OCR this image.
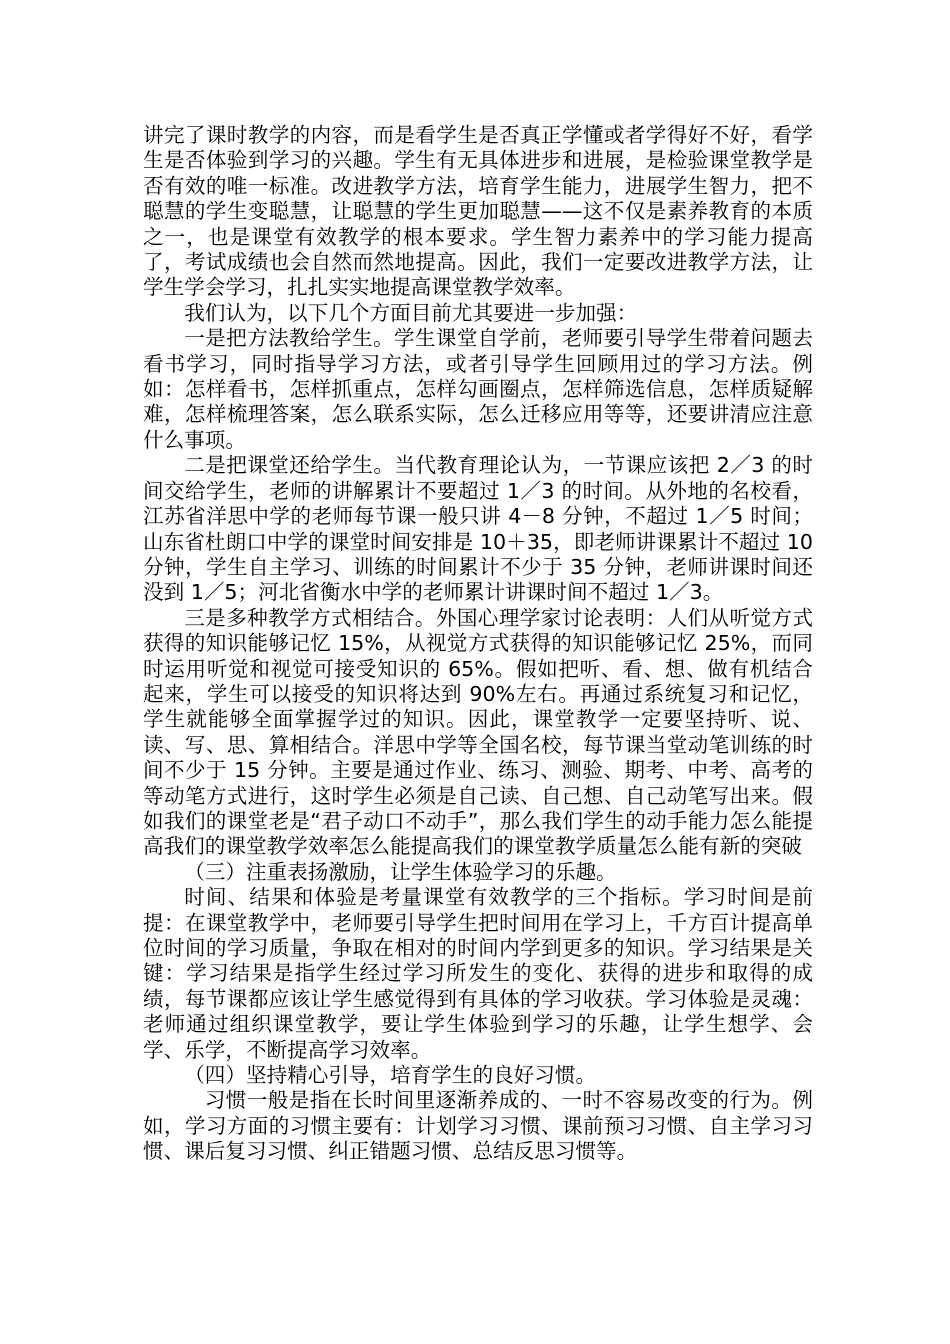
讲完了课时教学的内容，而是看学生是否真正学懂或者学得好不好，看学生是否体验到学习的兴趣。学生有无具体进步和进展，是检验课堂教学是否有效的唯一标准。改进教学方法，培育学生能力，进展学生智力，把不聪慧的学生变聪慧，让聪慧的学生更加聪慧——这不仅是素养教育的本质之一，也是课堂有效教学的根本要求。学生智力素养中的学习能力提高了，考试成绩也会自然而然地提高。因此，我们一定要改进教学方法，让学生学会学习，扎扎实实地提高课堂教学效率。

我们认为，以下几个方面目前尤其要进一步加强：

一是把方法教给学生。学生课堂自学前，老师要引导学生带着问题去看书学习，同时指导学习方法，或者引导学生回顾用过的学习方法。例如：怎样看书，怎样抓重点，怎样勾画圈点，怎样筛选信息，怎样质疑解难，怎样梳理答案，怎么联系实际，怎么迁移应用等等，还要讲清应注意什么事项。

二是把课堂还给学生。当代教育理论认为，一节课应该把 2／3 的时间交给学生，老师的讲解累计不要超过 1／3 的时间。从外地的名校看，江苏省洋思中学的老师每节课一般只讲 4－8 分钟，不超过 1／5 时间；山东省杜朗口中学的课堂时间安排是 10＋35，即老师讲课累计不超过 10 分钟，学生自主学习、训练的时间累计不少于 35 分钟，老师讲课时间还没到 1／5；河北省衡水中学的老师累计讲课时间不超过 1／3。

三是多种教学方式相结合。外国心理学家讨论表明：人们从听觉方式获得的知识能够记忆 15%，从视觉方式获得的知识能够记忆 25%，而同时运用听觉和视觉可接受知识的 65%。假如把听、看、想、做有机结合起来，学生可以接受的知识将达到 90%左右。再通过系统复习和记忆，学生就能够全面掌握学过的知识。因此，课堂教学一定要坚持听、说、读、写、思、算相结合。洋思中学等全国名校，每节课当堂动笔训练的时间不少于 15 分钟。主要是通过作业、练习、测验、期考、中考、高考的等动笔方式进行，这时学生必须是自己读、自己想、自己动笔写出来。假如我们的课堂老是“君子动口不动手”，那么我们学生的动手能力怎么能提高我们的课堂教学效率怎么能提高我们的课堂教学质量怎么能有新的突破

（三）注重表扬激励，让学生体验学习的乐趣。

时间、结果和体验是考量课堂有效教学的三个指标。学习时间是前提：在课堂教学中，老师要引导学生把时间用在学习上，千方百计提高单位时间的学习质量，争取在相对的时间内学到更多的知识。学习结果是关键：学习结果是指学生经过学习所发生的变化、获得的进步和取得的成绩，每节课都应该让学生感觉得到有具体的学习收获。学习体验是灵魂：老师通过组织课堂教学，要让学生体验到学习的乐趣，让学生想学、会学、乐学，不断提高学习效率。

（四）坚持精心引导，培育学生的良好习惯。

习惯一般是指在长时间里逐渐养成的、一时不容易改变的行为。例如，学习方面的习惯主要有：计划学习习惯、课前预习习惯、自主学习习惯、课后复习习惯、纠正错题习惯、总结反思习惯等。
